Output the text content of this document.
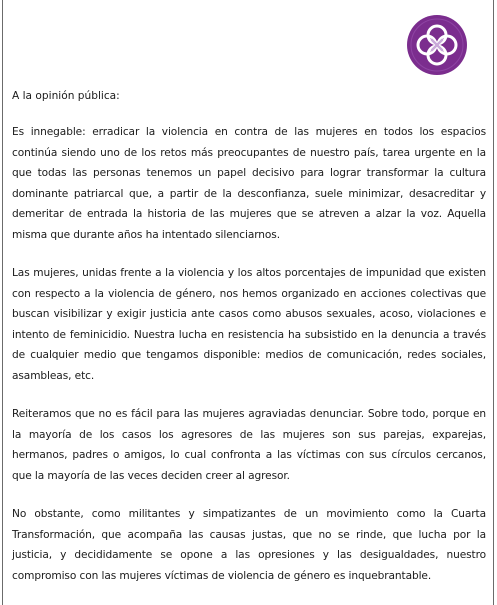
A la opinión pública:

Es innegable: erradicar la violencia en contra de las mujeres en todos los espacios continúa siendo uno de los retos más preocupantes de nuestro país, tarea urgente en la que todas las personas tenemos un papel decisivo para lograr transformar la cultura dominante patriarcal que, a partir de la desconfianza, suele minimizar, desacreditar y demeritar de entrada la historia de las mujeres que se atreven a alzar la voz. Aquella misma que durante años ha intentado silenciarnos.

Las mujeres, unidas frente a la violencia y los altos porcentajes de impunidad que existen con respecto a la violencia de género, nos hemos organizado en acciones colectivas que buscan visibilizar y exigir justicia ante casos como abusos sexuales, acoso, violaciones e intento de feminicidio. Nuestra lucha en resistencia ha subsistido en la denuncia a través de cualquier medio que tengamos disponible: medios de comunicación, redes sociales, asambleas, etc.

Reiteramos que no es fácil para las mujeres agraviadas denunciar. Sobre todo, porque en la mayoría de los casos los agresores de las mujeres son sus parejas, exparejas, hermanos, padres o amigos, lo cual confronta a las víctimas con sus círculos cercanos, que la mayoría de las veces deciden creer al agresor.

No obstante, como militantes y simpatizantes de un movimiento como la Cuarta Transformación, que acompaña las causas justas, que no se rinde, que lucha por la justicia, y decididamente se opone a las opresiones y las desigualdades, nuestro compromiso con las mujeres víctimas de violencia de género es inquebrantable.
